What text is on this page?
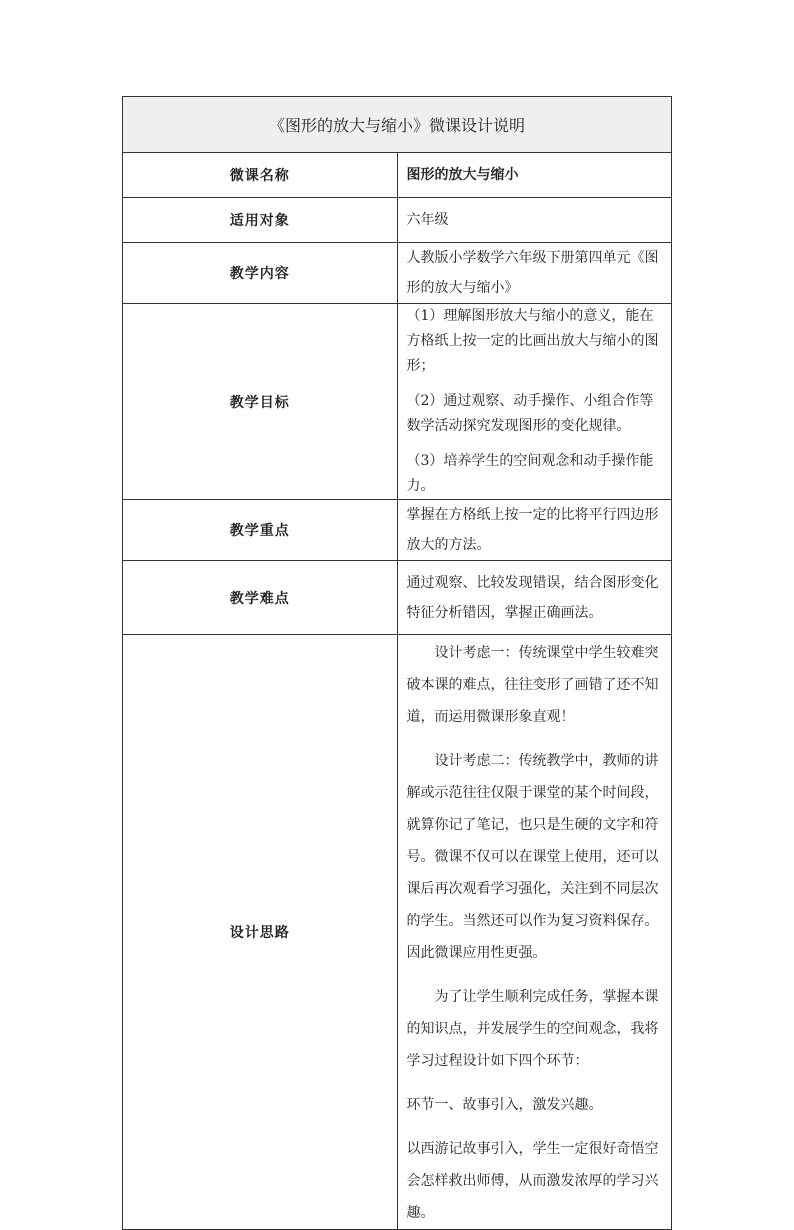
《图形的放大与缩小》微课设计说明	
微课名称	图形的放大与缩小
适用对象	六年级
教学内容	人教版小学数学六年级下册第四单元《图形的放大与缩小》
教学目标	（1）理解图形放大与缩小的意义，能在方格纸上按一定的比画出放大与缩小的图形；

（2）通过观察、动手操作、小组合作等数学活动探究发现图形的变化规律。

（3）培养学生的空间观念和动手操作能力。

教学重点	掌握在方格纸上按一定的比将平行四边形放大的方法。
教学难点	通过观察、比较发现错误，结合图形变化特征分析错因，掌握正确画法。
设计思路	设计考虑一：传统课堂中学生较难突破本课的难点，往往变形了画错了还不知道，而运用微课形象直观！

设计考虑二：传统教学中，教师的讲解或示范往往仅限于课堂的某个时间段，就算你记了笔记，也只是生硬的文字和符号。微课不仅可以在课堂上使用，还可以课后再次观看学习强化，关注到不同层次的学生。当然还可以作为复习资料保存。因此微课应用性更强。

为了让学生顺利完成任务，掌握本课的知识点，并发展学生的空间观念，我将学习过程设计如下四个环节：

环节一、故事引入，激发兴趣。

以西游记故事引入，学生一定很好奇悟空会怎样救出师傅，从而激发浓厚的学习兴趣。
